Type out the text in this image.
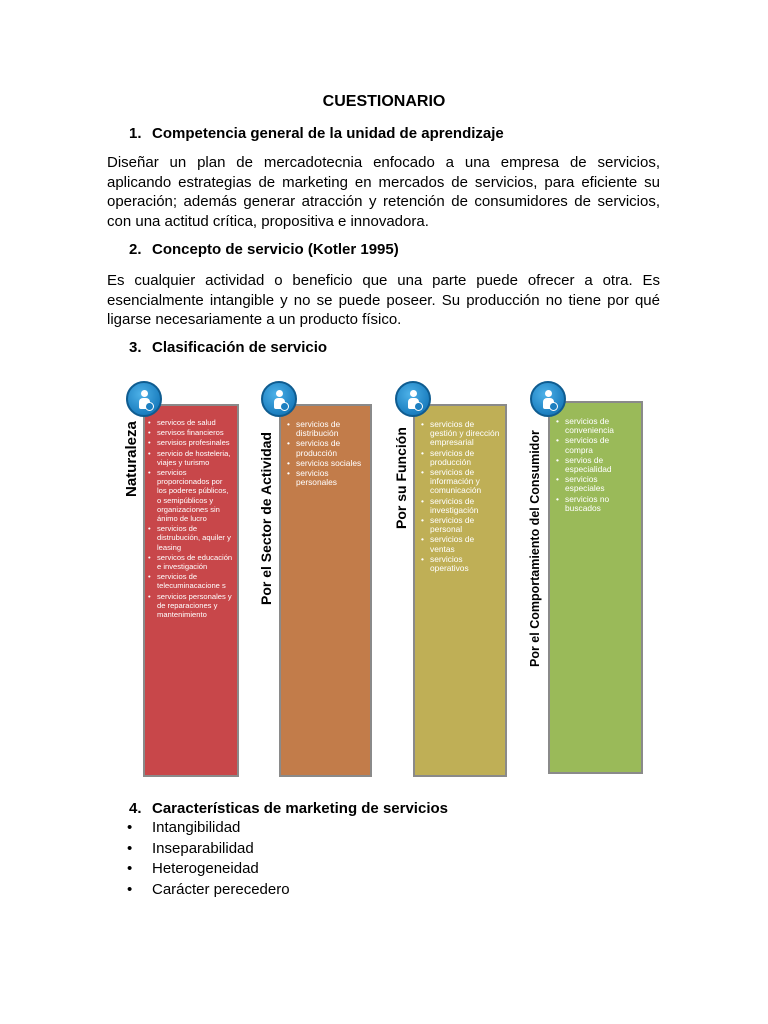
CUESTIONARIO
1. Competencia general de la unidad de aprendizaje
Diseñar un plan de mercadotecnia enfocado a una empresa de servicios,
aplicando estrategias de marketing en mercados de servicios, para eficiente su
operación; además generar atracción y retención de consumidores de servicios,
con una actitud crítica, propositiva e innovadora.
2. Concepto de servicio (Kotler 1995)
Es cualquier actividad o beneficio que una parte puede ofrecer a otra. Es
esencialmente intangible y no se puede poseer. Su producción no tiene por qué
ligarse necesariamente a un producto físico.
3. Clasificación de servicio
• servicos de salud
• servisos financieros
• servisios profesinales
• servicio de hosteleria, viajes y turismo
• servicios proporcionados por los poderes públicos, o semipúblicos y organizaciones sin ánimo de lucro
• servicios de distrubución, aquiler y leasing
• servicos de educación e investigación
• servicios de telecuminacacione s
• servicios personales y de reparaciones y mantenimiento
Naturaleza
•	servicios de distribución
• servicios de producción
• servicios sociales
• servicios personales
Por el Sector de Actividad
• servicios de gestión y dirección empresarial
• servicios de producción
• servicios de información y comunicación
• servicios de investigación
• servicios de personal
• servicios de ventas
• servicios operativos
Por su Función
• servicios de conveniencia
• servicios de compra
• servios de especialidad
• servicios especiales
• servicios no buscados
Por el Comportamiento del Consumidor
4. Características de marketing de servicios
• Intangibilidad
• Inseparabilidad
• Heterogeneidad
• Carácter perecedero
